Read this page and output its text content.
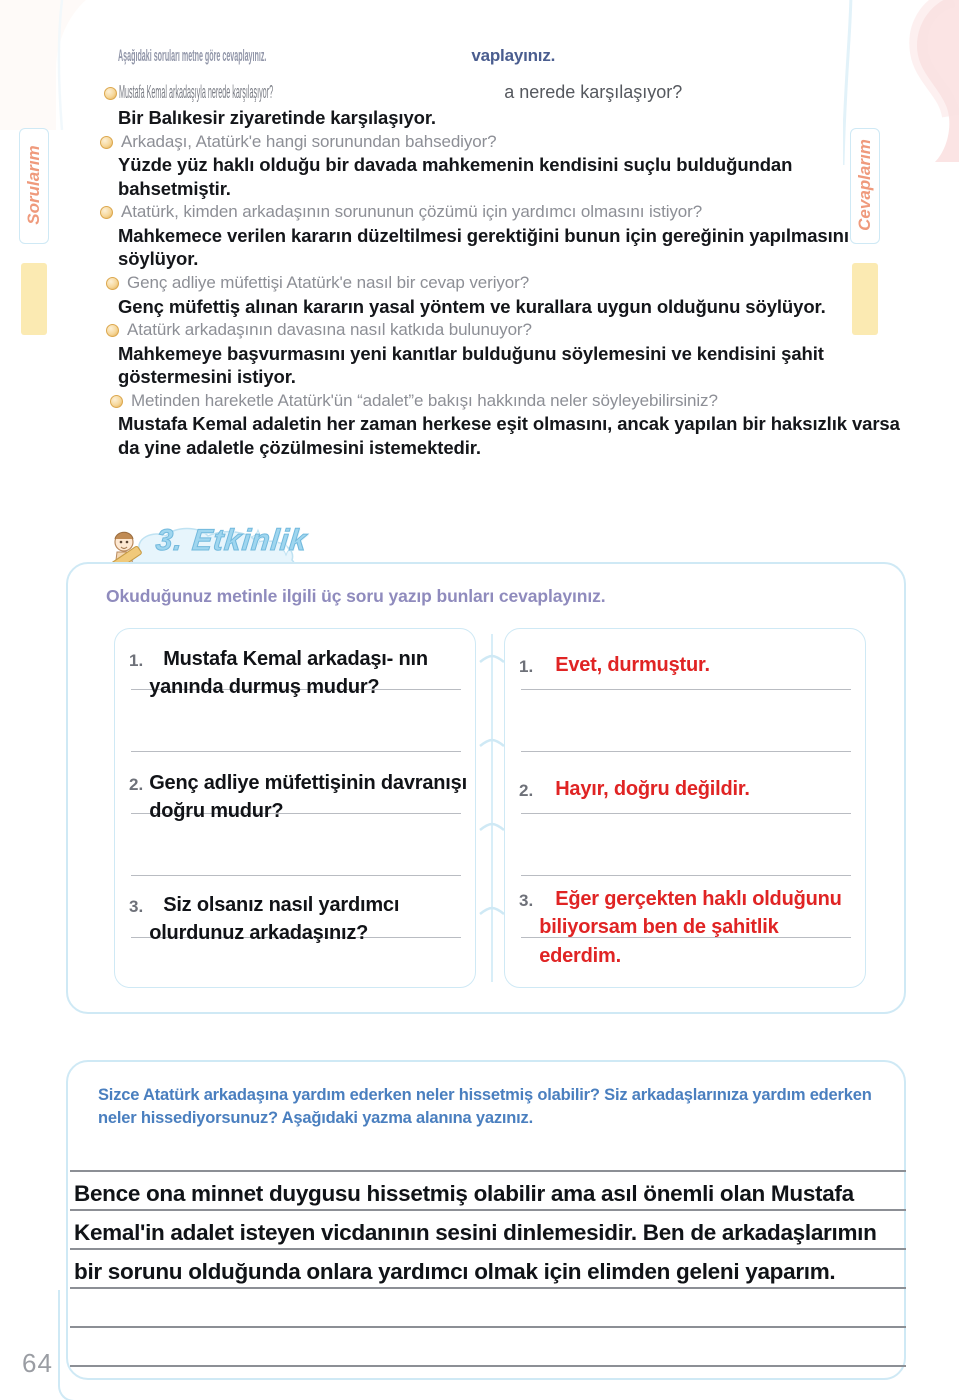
Aşağıdaki soruları metne göre cevaplayınız.	vaplayınız.
Mustafa Kemal arkadaşıyla nerede karşılaşıyor?	a nerede karşılaşıyor?
Bir Balıkesir ziyaretinde karşılaşıyor.
Arkadaşı, Atatürk'e hangi sorunundan bahsediyor?
Yüzde yüz haklı olduğu bir davada mahkemenin kendisini suçlu bulduğundan bahsetmiştir.
Atatürk, kimden arkadaşının sorununun çözümü için yardımcı olmasını istiyor?
Mahkemece verilen kararın düzeltilmesi gerektiğini bunun için gereğinin yapılmasını söylüyor.
Genç adliye müfettişi Atatürk'e nasıl bir cevap veriyor?
Genç müfettiş alınan kararın yasal yöntem ve kurallara uygun olduğunu söylüyor.
Atatürk arkadaşının davasına nasıl katkıda bulunuyor?
Mahkemeye başvurmasını yeni kanıtlar bulduğunu söylemesini ve kendisini şahit göstermesini istiyor.
Metinden hareketle Atatürk'ün “adalet”e bakışı hakkında neler söyleyebilirsiniz?
Mustafa Kemal adaletin her zaman herkese eşit olmasını, ancak yapılan bir haksızlık varsa da yine adaletle çözülmesini istemektedir.
3. Etkinlik
Okuduğunuz metinle ilgili üç soru yazıp bunları cevaplayınız.
1.	Mustafa Kemal arkadaşı- nın yanında durmuş mudur?
2. Genç adliye müfettişinin davranışı doğru mudur?
3.	Siz olsanız nasıl yardımcı olurdunuz arkadaşınız?
1.	Evet, durmuştur.
2.	Hayır, doğru değildir.
3.	Eğer gerçekten haklı olduğunu biliyorsam ben de şahitlik ederdim.
Sorularım	Cevaplarım
Sizce Atatürk arkadaşına yardım ederken neler hissetmiş olabilir? Siz arkadaşlarınıza yardım ederken neler hissediyorsunuz? Aşağıdaki yazma alanına yazınız.
Bence ona minnet duygusu hissetmiş olabilir ama asıl önemli olan Mustafa Kemal'in adalet isteyen vicdanının sesini dinlemesidir. Ben de arkadaşlarımın bir sorunu olduğunda onlara yardımcı olmak için elimden geleni yaparım.
64
